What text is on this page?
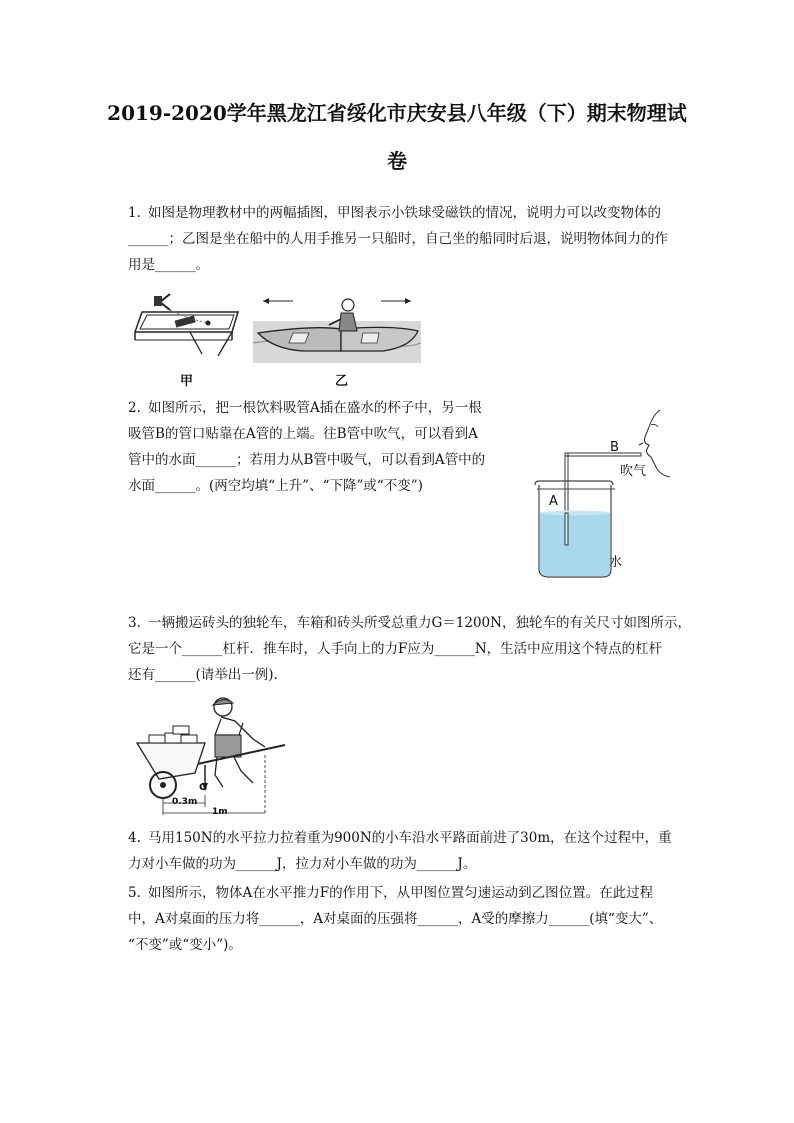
2019-2020学年黑龙江省绥化市庆安县八年级（下）期末物理试
卷
1. 如图是物理教材中的两幅插图，甲图表示小铁球受磁铁的情况，说明力可以改变物体的
______；乙图是坐在船中的人用手推另一只船时，自己坐的船同时后退，说明物体间力的作
用是______。
甲	乙
2. 如图所示，把一根饮料吸管A插在盛水的杯子中，另一根
吸管B的管口贴靠在A管的上端。往B管中吹气，可以看到A
管中的水面______；若用力从B管中吸气，可以看到A管中的
水面______。(两空均填“上升”、“下降”或“不变”)
A
B
吹气
水
3. 一辆搬运砖头的独轮车，车箱和砖头所受总重力G＝1200N，独轮车的有关尺寸如图所示，
它是一个______杠杆．推车时，人手向上的力F应为______N，生活中应用这个特点的杠杆
还有______(请举出一例).
G
0.3m
1m
4. 马用150N的水平拉力拉着重为900N的小车沿水平路面前进了30m，在这个过程中，重
力对小车做的功为______J，拉力对小车做的功为______J。
5. 如图所示，物体A在水平推力F的作用下，从甲图位置匀速运动到乙图位置。在此过程
中，A对桌面的压力将______，A对桌面的压强将______，A受的摩擦力______(填“变大”、
“不变”或“变小”)。
